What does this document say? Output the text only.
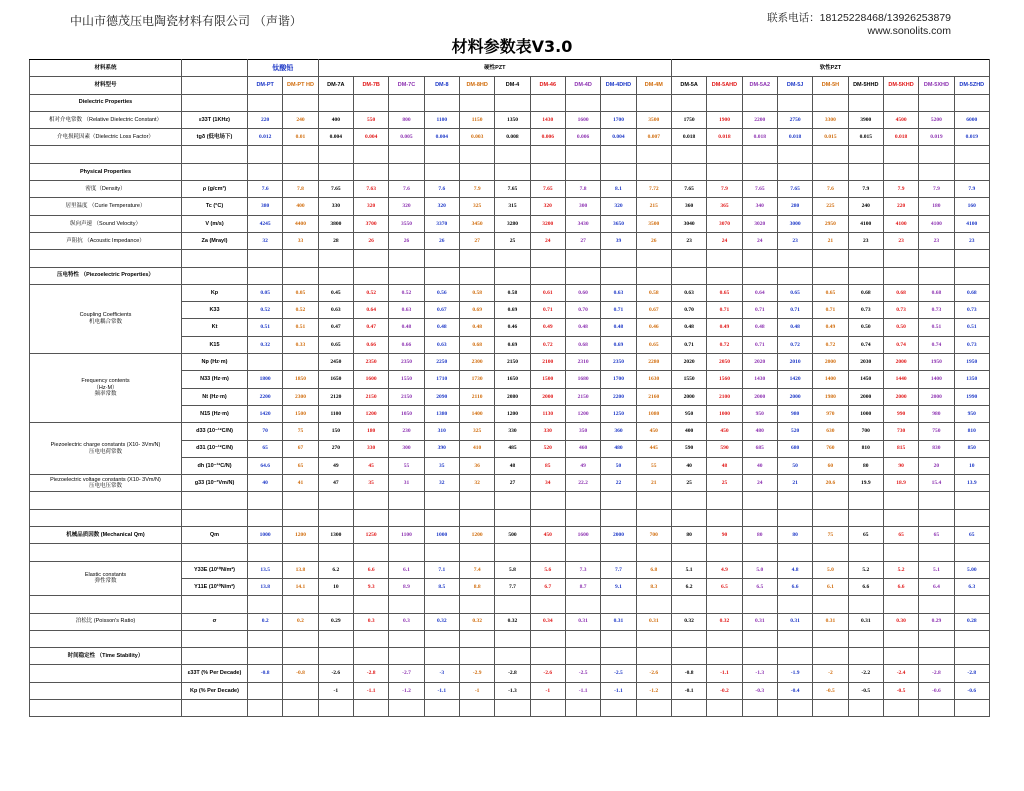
中山市德茂压电陶瓷材料有限公司 （声谐）	联系电话：18125228468/13926253879
www.sonolits.com
材料参数表V3.0
材料系统		钛酸铅		硬性PZT										软性PZT								
材料型号		DM-PT	DM-PT HD	DM-7A	DM-7B	DM-7C	DM-8	DM-8HD	DM-4	DM-46	DM-4D	DM-4DHD	DM-4M	DM-5A	DM-5AHD	DM-5A2	DM-5J	DM-5H	DM-5HHD	DM-5KHD	DM-5XHD	DM-5ZHD
Dielectric Properties																						
相对介电常数 （Relative Dielectric Constant）	ε33T (1KHz)	220	240	400	550	800	1100	1150	1350	1430	1600	1700	3500	1750	1900	2200	2750	3300	3900	4500	5200	6000
介电损耗因素（Dielectric Loss Factor）	tgδ (低电场下)	0.012	0.01	0.004	0.004	0.005	0.004	0.003	0.008	0.006	0.006	0.004	0.007	0.018	0.018	0.018	0.018	0.015	0.015	0.018	0.019	0.019

Physical Properties																						
密度（Density）	ρ (g/cm³)	7.6	7.8	7.65	7.63	7.6	7.6	7.9	7.65	7.65	7.8	8.1	7.72	7.65	7.9	7.65	7.65	7.6	7.9	7.9	7.9	7.9
居里温度 （Curie Temperature）	Tc (°C)	380	400	330	320	320	320	325	315	320	300	320	215	360	365	340	280	225	240	220	180	160
纵向声速 （Sound Velocity）	V (m/s)	4245	4400	3800	3700	3550	3370	3450	3280	3200	3430	3650	3500	3040	3070	3020	3000	2950	4100	4100	4100	4100
声阻抗 （Acoustic Impedance）	Za (Mrayl)	32	33	28	26	26	26	27	25	24	27	39	26	23	24	24	23	21	23	23	23	23

压电特性 （Piezoelectric Properties）																						

Coupling Coefficients
机电耦合常数	Kp	0.05	0.05	0.45	0.52	0.52	0.56	0.58	0.58	0.61	0.60	0.63	0.58	0.63	0.65	0.64	0.65	0.65	0.68	0.68	0.68	0.68
	K33	0.52	0.52	0.63	0.64	0.63	0.67	0.69	0.69	0.71	0.70	0.71	0.67	0.70	0.71	0.71	0.71	0.71	0.73	0.73	0.73	0.73
	Kt	0.51	0.51	0.47	0.47	0.48	0.48	0.48	0.46	0.49	0.48	0.48	0.46	0.48	0.49	0.48	0.48	0.49	0.50	0.50	0.51	0.51
	K15	0.32	0.33	0.65	0.66	0.66	0.63	0.68	0.69	0.72	0.68	0.69	0.65	0.71	0.72	0.71	0.72	0.72	0.74	0.74	0.74	0.73

Frequency contents
（Hz·M）
频率常数	Np (Hz·m)			2450	2350	2350	2250	2300	2150	2100	2310	2350	2280	2020	2050	2020	2010	2000	2030	2000	1950	1950
	N33 (Hz·m)	1800	1850	1650	1600	1550	1710	1730	1650	1500	1680	1700	1630	1550	1560	1430	1420	1400	1450	1440	1400	1350
	Nt (Hz·m)	2200	2300	2120	2150	2150	2090	2110	2080	2000	2150	2200	2160	2000	2100	2000	2000	1980	2000	2000	2000	1990
	N15 (Hz·m)	1420	1500	1100	1200	1050	1380	1400	1200	1130	1200	1250	1080	950	1000	950	980	970	1000	990	980	950

Piezoelectric charge constants (X10- 3Vm/N)
压电电荷常数	d33 (10⁻¹²C/N)	70	75	150	180	230	310	325	330	330	350	360	450	400	450	480	520	630	700	730	750	810
	d31 (10⁻¹²C/N)	65	67	270	330	300	390	410	485	520	460	480	445	590	590	685	680	760	810	815	830	850
	dh (10⁻¹²C/N)	64.6	65	49	45	55	35	36	48	85	49	50	55	40	48	40	50	60	80	90	20	10

Piezoelectric voltage constants (X10- 3Vm/N)
压电电压常数	g33 (10⁻³Vm/N)	40	41	47	35	31	32	32	27	34	22.2	22	21	25	25	24	21	20.6	19.9	18.9	15.4	13.9

机械品质因数 (Mechanical Qm)	Qm	1000	1200	1300	1250	1100	1000	1200	500	450	1600	2000	700	80	90	80	80	75	65	65	65	65

Elastic constants
弹性常数	Y33E (10¹⁰N/m²)	13.5	13.8	6.2	6.6	6.1	7.1	7.4	5.8	5.6	7.3	7.7	6.8	5.1	4.9	5.0	4.8	5.0	5.2	5.2	5.1	5.00
	Y11E (10¹⁰N/m²)	13.8	14.1	10	9.3	8.9	8.5	8.8	7.7	6.7	8.7	9.1	8.3	6.2	6.5	6.5	6.6	6.1	6.6	6.6	6.4	6.3

泊松比 (Poisson's Ratio)	σ	0.2	0.2	0.29	0.3	0.3	0.32	0.32	0.32	0.34	0.31	0.31	0.31	0.32	0.32	0.31	0.31	0.31	0.31	0.30	0.29	0.28

时间稳定性 （Time Stability）																						
	ε33T (% Per Decade)	-0.8	-0.8	-2.6	-2.8	-2.7	-3	-2.9	-2.8	-2.6	-2.5	-2.5	-2.6	-0.8	-1.1	-1.3	-1.9	-2	-2.2	-2.4	-2.8	-2.8
	Kp (% Per Decade)			-1	-1.1	-1.2	-1.1	-1	-1.3	-1	-1.1	-1.1	-1.2	-0.1	-0.2	-0.3	-0.4	-0.5	-0.5	-0.5	-0.6	-0.6
